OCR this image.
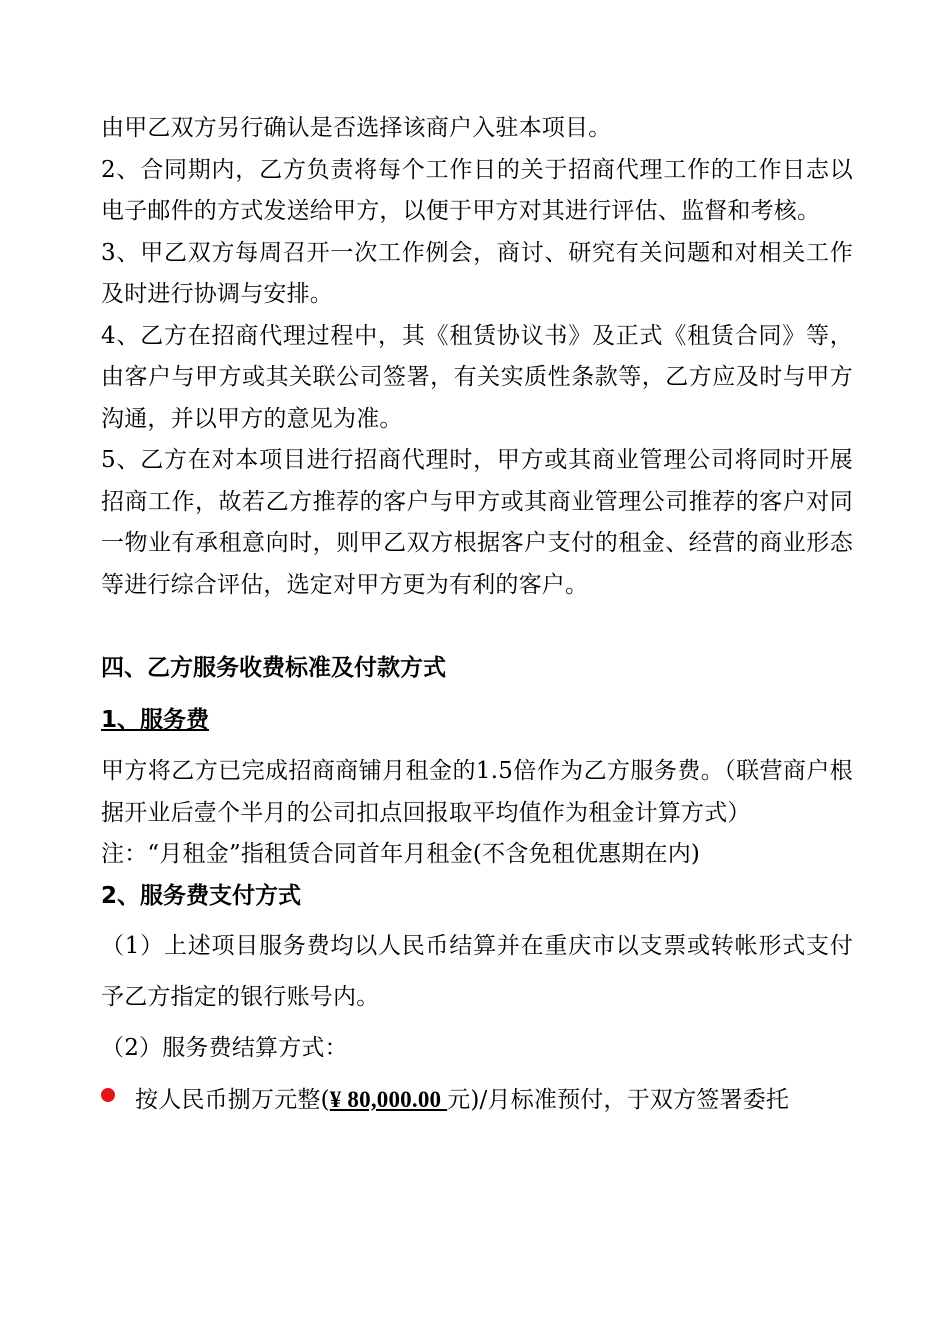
由甲乙双方另行确认是否选择该商户入驻本项目。

2、合同期内，乙方负责将每个工作日的关于招商代理工作的工作日志以电子邮件的方式发送给甲方，以便于甲方对其进行评估、监督和考核。

3、甲乙双方每周召开一次工作例会，商讨、研究有关问题和对相关工作及时进行协调与安排。

4、乙方在招商代理过程中，其《租赁协议书》及正式《租赁合同》等，由客户与甲方或其关联公司签署，有关实质性条款等，乙方应及时与甲方沟通，并以甲方的意见为准。

5、乙方在对本项目进行招商代理时，甲方或其商业管理公司将同时开展招商工作，故若乙方推荐的客户与甲方或其商业管理公司推荐的客户对同一物业有承租意向时，则甲乙双方根据客户支付的租金、经营的商业形态等进行综合评估，选定对甲方更为有利的客户。

四、乙方服务收费标准及付款方式

1、服务费

甲方将乙方已完成招商商铺月租金的1.5倍作为乙方服务费。（联营商户根据开业后壹个半月的公司扣点回报取平均值作为租金计算方式）

注：“月租金”指租赁合同首年月租金(不含免租优惠期在内)

2、服务费支付方式

（1）上述项目服务费均以人民币结算并在重庆市以支票或转帐形式支付予乙方指定的银行账号内。

（2）服务费结算方式：

按人民币捌万元整(¥ 80,000.00 元)/月标准预付，于双方签署委托
